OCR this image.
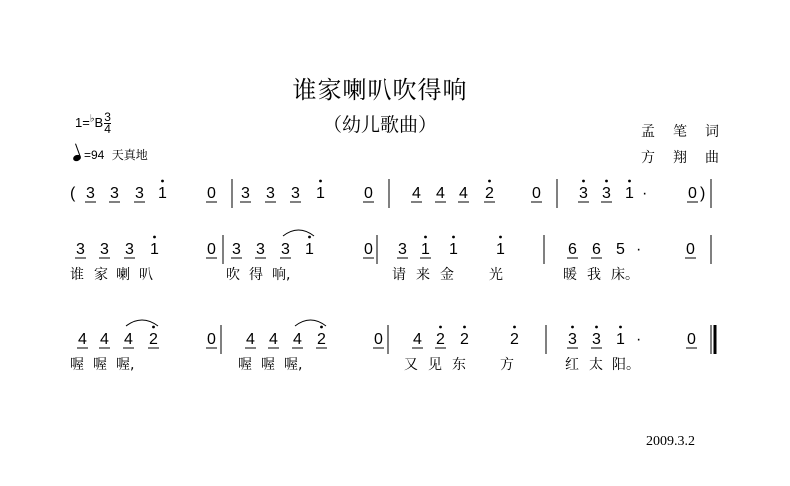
谁家喇叭吹得响
（幼儿歌曲）
$1=^♭B \frac{3}{4}$
=94 天真地
孟笔词
方翔曲
2009.3.2
(	)
3 3 3 1	0 3 3 3 1 0 4 4 4 2 0 3 3 1 ·	0
3 3 3 1	0 3 3 3 1	0 3 1 1 1	6 6 5 ·	0
4 4 4 2	0 4 4 4 2	0 4 2 2	2	3 3 1 ·	0
谁 家 喇 叭	吹 得 响,	请 来 金	光	暖 我 床。
喔 喔 喔,	喔 喔 喔,	又 见 东 方	红 太 阳。
